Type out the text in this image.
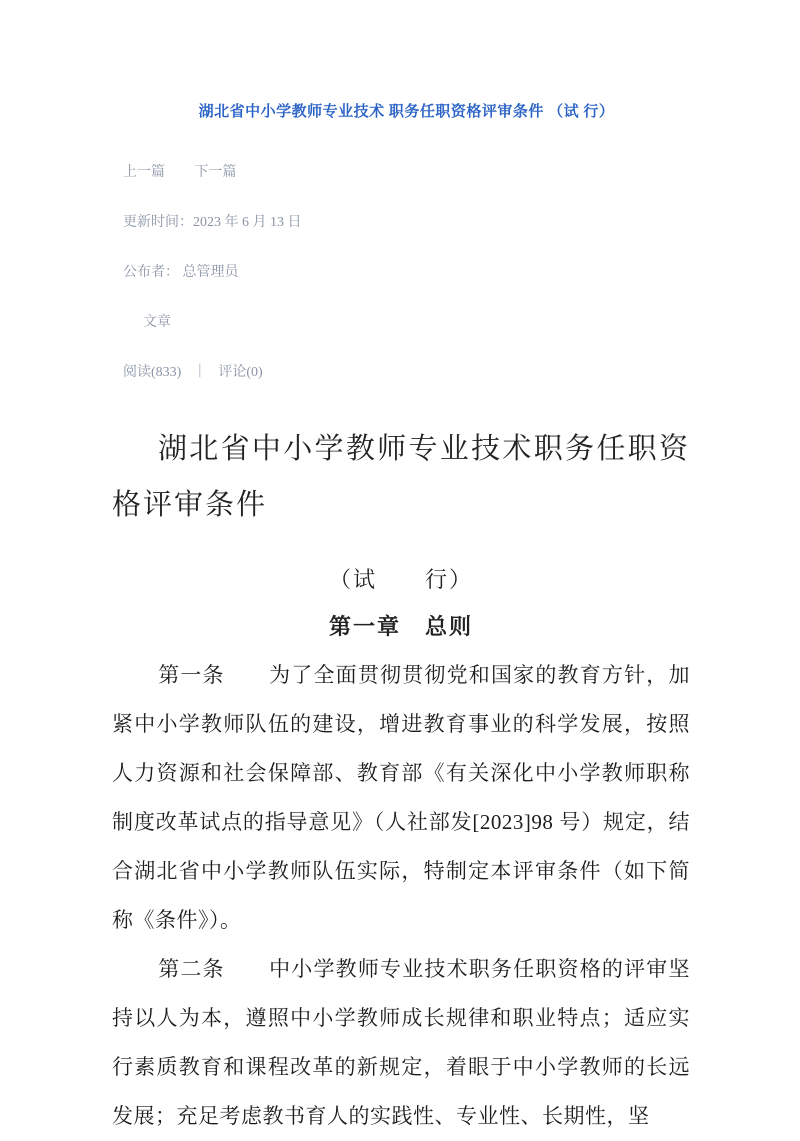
湖北省中小学教师专业技术 职务任职资格评审条件 （试 行）
上一篇 下一篇
更新时间：2023 年 6 月 13 日
公布者： 总管理员
文章
阅读(833) ｜ 评论(0)
湖北省中小学教师专业技术职务任职资格评审条件
（试　　行）
第一章　总则

第一条　　为了全面贯彻贯彻党和国家的教育方针，加紧中小学教师队伍的建设，增进教育事业的科学发展，按照人力资源和社会保障部、教育部《有关深化中小学教师职称制度改革试点的指导意见》（人社部发[2023]98 号）规定，结合湖北省中小学教师队伍实际，特制定本评审条件（如下简称《条件》）。

第二条　　中小学教师专业技术职务任职资格的评审坚持以人为本，遵照中小学教师成长规律和职业特点；适应实行素质教育和课程改革的新规定，着眼于中小学教师的长远发展；充足考虑教书育人的实践性、专业性、长期性，坚
